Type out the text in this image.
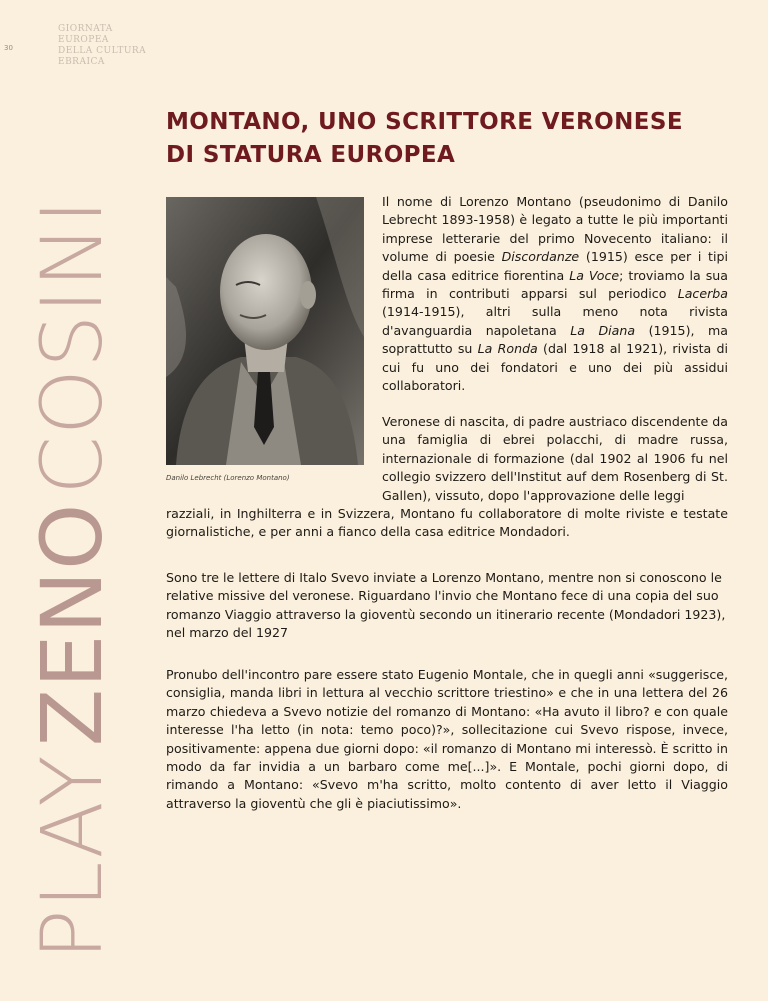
30
GIORNATA
EUROPEA
DELLA CULTURA
EBRAICA
PLAYZENOCOSINI
MONTANO, UNO SCRITTORE VERONESE
DI STATURA EUROPEA
Danilo Lebrecht (Lorenzo Montano)
Il nome di Lorenzo Montano (pseudonimo di Danilo Lebrecht 1893-1958) è legato a tutte le più importanti imprese letterarie del primo Novecento italiano: il volume di poesie Discordanze (1915) esce per i tipi della casa editrice fiorentina La Voce; troviamo la sua firma in contributi apparsi sul periodico Lacerba (1914-1915), altri sulla meno nota rivista d'avanguardia napoletana La Diana (1915), ma soprattutto su La Ronda (dal 1918 al 1921), rivista di cui fu uno dei fondatori e uno dei più assidui collaboratori.
Veronese di nascita, di padre austriaco discendente da una famiglia di ebrei polacchi, di madre russa, internazionale di formazione (dal 1902 al 1906 fu nel collegio svizzero dell'Institut auf dem Rosenberg di St. Gallen), vissuto, dopo l'approvazione delle leggi
razziali, in Inghilterra e in Svizzera, Montano fu collaboratore di molte riviste e testate giornalistiche, e per anni a fianco della casa editrice Mondadori.
Sono tre le lettere di Italo Svevo inviate a Lorenzo Montano, mentre non si conoscono le relative missive del veronese. Riguardano l'invio che Montano fece di una copia del suo romanzo Viaggio attraverso la gioventù secondo un itinerario recente (Mondadori 1923), nel marzo del 1927
Pronubo dell'incontro pare essere stato Eugenio Montale, che in quegli anni «suggerisce, consiglia, manda libri in lettura al vecchio scrittore triestino» e che in una lettera del 26 marzo chiedeva a Svevo notizie del romanzo di Montano: «Ha avuto il libro? e con quale interesse l'ha letto (in nota: temo poco)?», sollecitazione cui Svevo rispose, invece, positivamente: appena due giorni dopo: «il romanzo di Montano mi interessò. È scritto in modo da far invidia a un barbaro come me[...]». E Montale, pochi giorni dopo, di rimando a Montano: «Svevo m'ha scritto, molto contento di aver letto il Viaggio attraverso la gioventù che gli è piaciutissimo».
